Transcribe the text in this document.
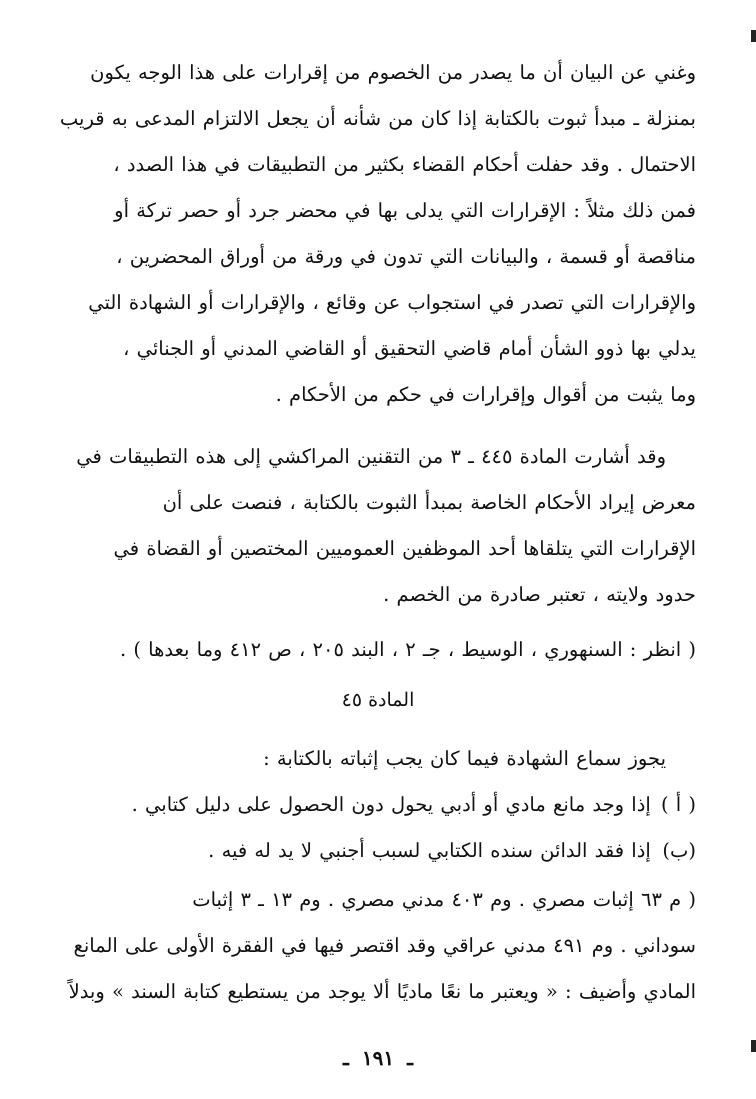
وغني عن البيان أن ما يصدر من الخصوم من إقرارات على هذا الوجه يكون
بمنزلة ـ مبدأ ثبوت بالكتابة إذا كان من شأنه أن يجعل الالتزام المدعى به قريب
الاحتمال . وقد حفلت أحكام القضاء بكثير من التطبيقات في هذا الصدد ،
فمن ذلك مثلاً : الإقرارات التي يدلى بها في محضر جرد أو حصر تركة أو
مناقصة أو قسمة ، والبيانات التي تدون في ورقة من أوراق المحضرين ،
والإقرارات التي تصدر في استجواب عن وقائع ، والإقرارات أو الشهادة التي
يدلي بها ذوو الشأن أمام قاضي التحقيق أو القاضي المدني أو الجنائي ،
وما يثبت من أقوال وإقرارات في حكم من الأحكام .

وقد أشارت المادة ٤٤٥ ـ ٣ من التقنين المراكشي إلى هذه التطبيقات في
معرض إيراد الأحكام الخاصة بمبدأ الثبوت بالكتابة ، فنصت على أن
الإقرارات التي يتلقاها أحد الموظفين العموميين المختصين أو القضاة في
حدود ولايته ، تعتبر صادرة من الخصم .

( انظر : السنهوري ، الوسيط ، جـ ٢ ، البند ٢٠٥ ، ص ٤١٢ وما بعدها ) .

المادة ٤٥
يجوز سماع الشهادة فيما كان يجب إثباته بالكتابة :
( أ ) إذا وجد مانع مادي أو أدبي يحول دون الحصول على دليل كتابي .
(ب) إذا فقد الدائن سنده الكتابي لسبب أجنبي لا يد له فيه .

( م ٦٣ إثبات مصري . وم ٤٠٣ مدني مصري . وم ١٣ ـ ٣ إثبات
سوداني . وم ٤٩١ مدني عراقي وقد اقتصر فيها في الفقرة الأولى على المانع
المادي وأضيف : « ويعتبر ما نعًا ماديًا ألا يوجد من يستطيع كتابة السند » وبدلاً

ـ ١٩١ ـ
